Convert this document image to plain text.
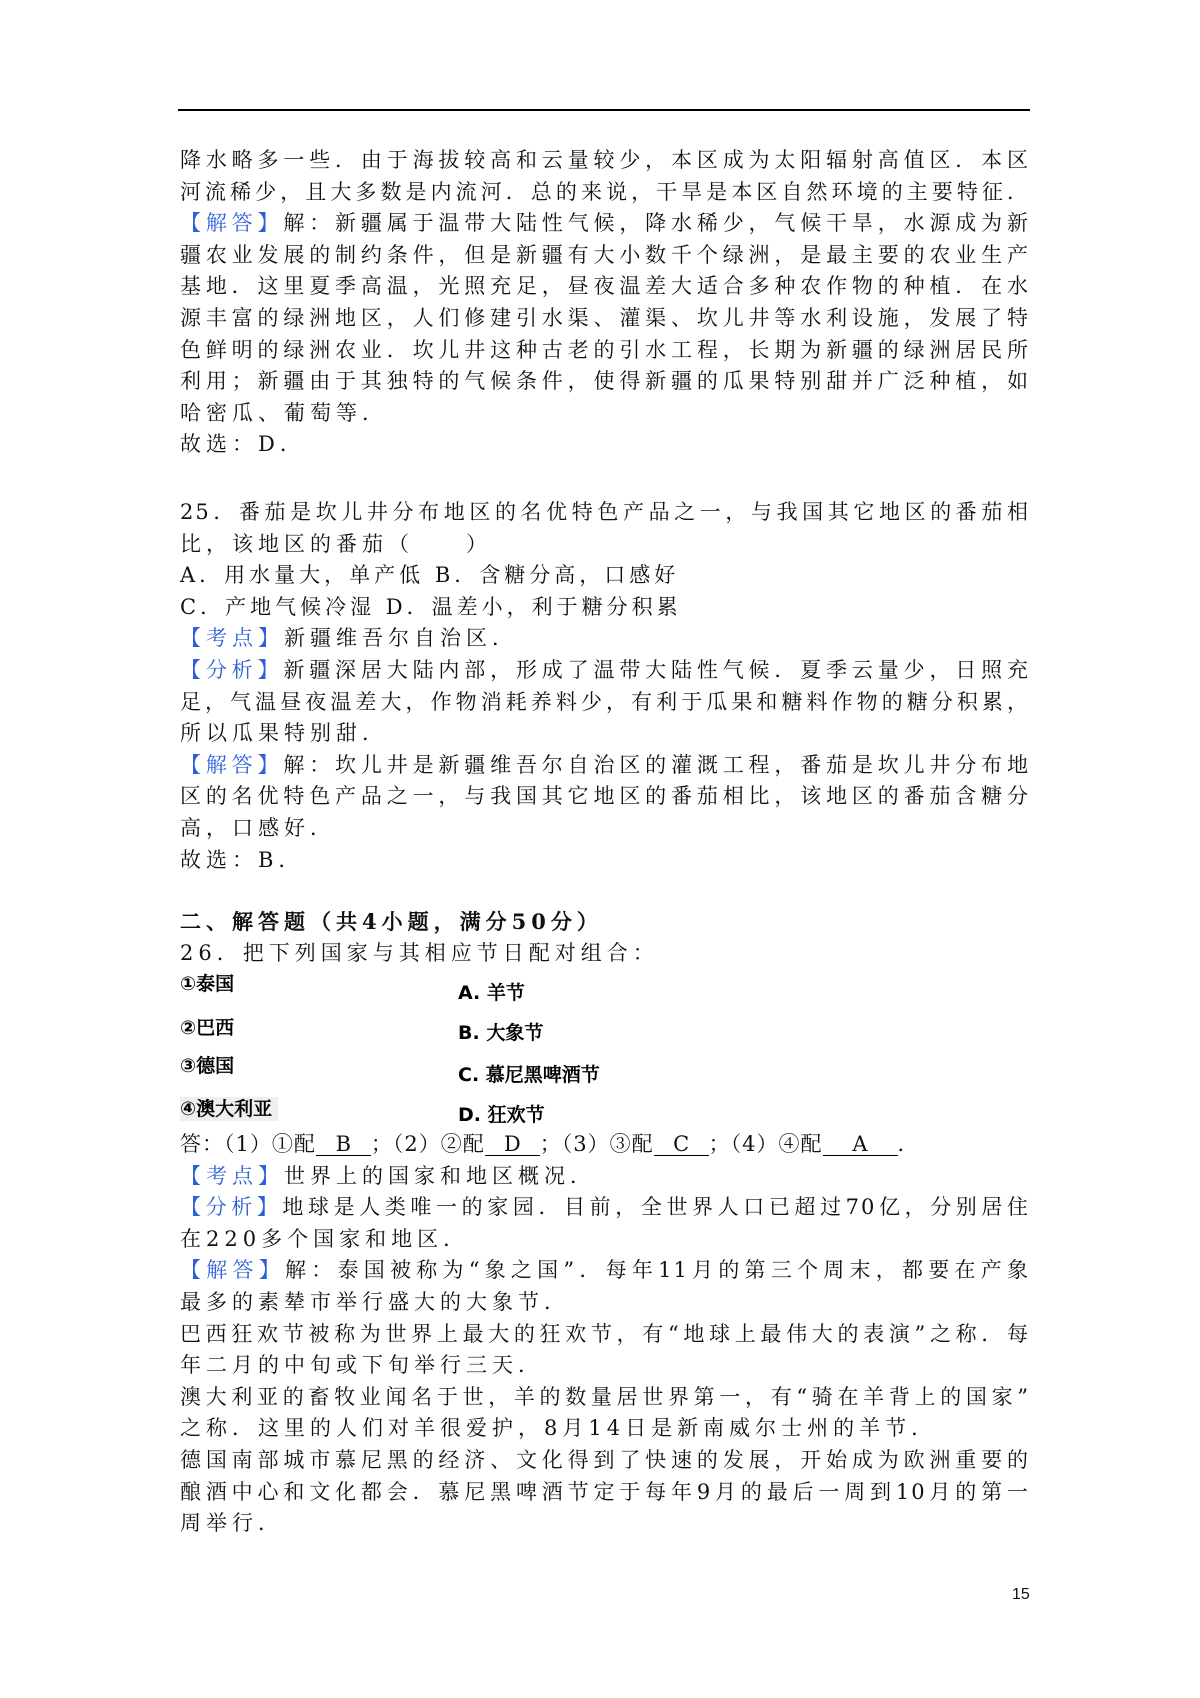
降水略多一些．由于海拔较高和云量较少，本区成为太阳辐射高值区．本区
河流稀少，且大多数是内流河．总的来说，干旱是本区自然环境的主要特征．
【解答】解：新疆属于温带大陆性气候，降水稀少，气候干旱，水源成为新
疆农业发展的制约条件，但是新疆有大小数千个绿洲，是最主要的农业生产
基地．这里夏季高温，光照充足，昼夜温差大适合多种农作物的种植．在水
源丰富的绿洲地区，人们修建引水渠、灌渠、坎儿井等水利设施，发展了特
色鲜明的绿洲农业．坎儿井这种古老的引水工程，长期为新疆的绿洲居民所
利用；新疆由于其独特的气候条件，使得新疆的瓜果特别甜并广泛种植，如
哈密瓜、葡萄等．
故选：D．
25．番茄是坎儿井分布地区的名优特色产品之一，与我国其它地区的番茄相
比，该地区的番茄（　　）
A．用水量大，单产低 B．含糖分高，口感好
C．产地气候冷湿 D．温差小，利于糖分积累
【考点】新疆维吾尔自治区．
【分析】新疆深居大陆内部，形成了温带大陆性气候．夏季云量少，日照充
足，气温昼夜温差大，作物消耗养料少，有利于瓜果和糖料作物的糖分积累，
所以瓜果特别甜．
【解答】解：坎儿井是新疆维吾尔自治区的灌溉工程，番茄是坎儿井分布地
区的名优特色产品之一，与我国其它地区的番茄相比，该地区的番茄含糖分
高，口感好．
故选：B．
二、解答题（共4小题，满分50分）
26．把下列国家与其相应节日配对组合：
①泰国
②巴西
③德国
④澳大利亚
A. 羊节
B. 大象节
C. 慕尼黑啤酒节
D. 狂欢节
答：（1）①配 B ；（2）②配 D ；（3）③配 C ；（4）④配 A ．
【考点】世界上的国家和地区概况．
【分析】地球是人类唯一的家园．目前，全世界人口已超过70亿，分别居住
在220多个国家和地区．
【解答】解：泰国被称为“象之国”．每年11月的第三个周末，都要在产象
最多的素辇市举行盛大的大象节．
巴西狂欢节被称为世界上最大的狂欢节，有“地球上最伟大的表演”之称．每
年二月的中旬或下旬举行三天．
澳大利亚的畜牧业闻名于世，羊的数量居世界第一，有“骑在羊背上的国家”
之称．这里的人们对羊很爱护，8月14日是新南威尔士州的羊节．
德国南部城市慕尼黑的经济、文化得到了快速的发展，开始成为欧洲重要的
酿酒中心和文化都会．慕尼黑啤酒节定于每年9月的最后一周到10月的第一
周举行．
15
